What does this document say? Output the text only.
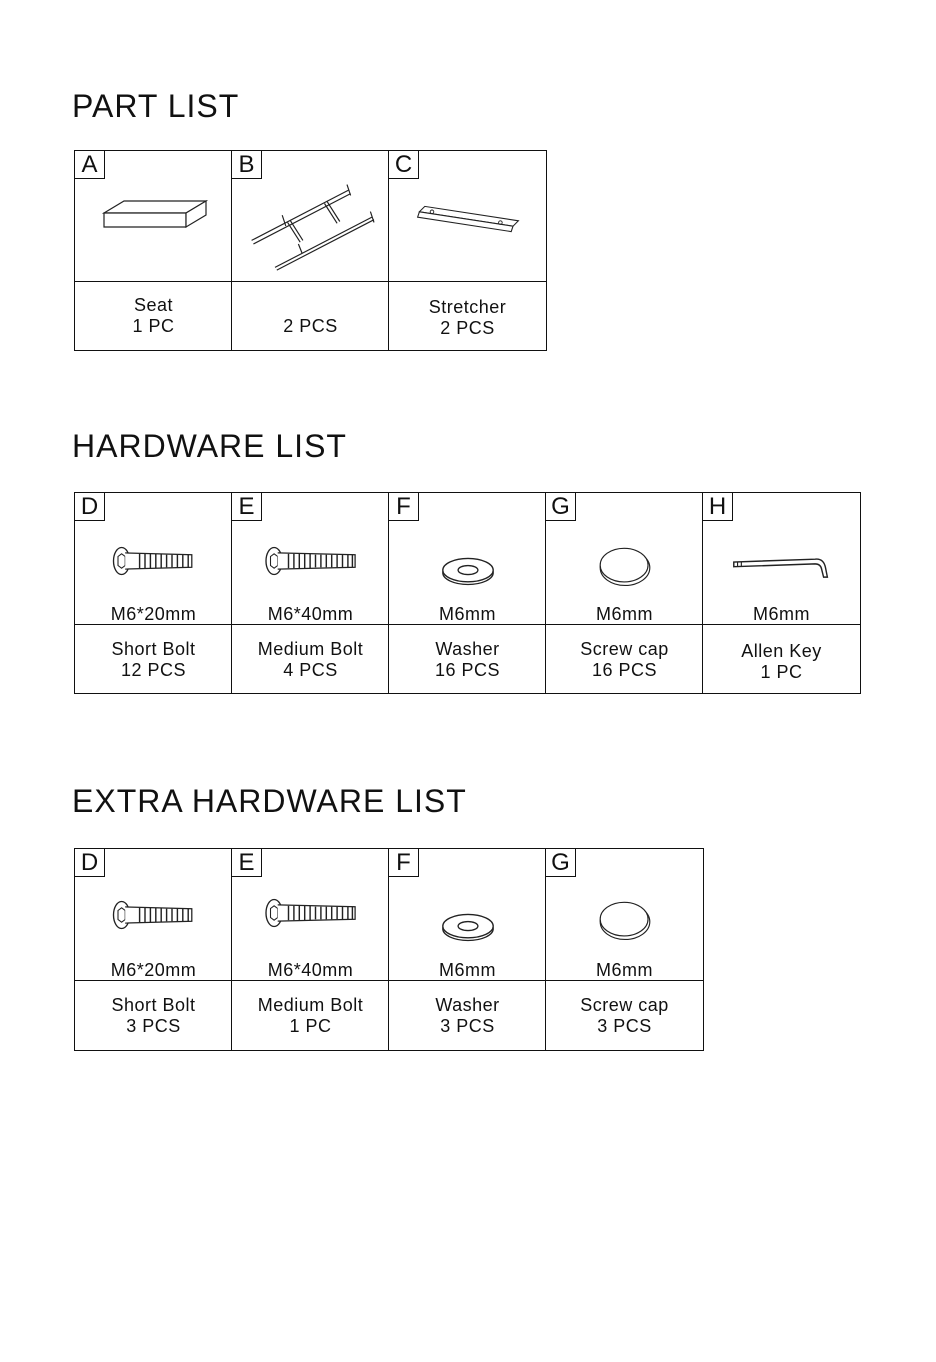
PART LIST
A
Seat
1 PC
B
2 PCS
C
Stretcher
2 PCS
HARDWARE LIST
D
M6*20mm
Short Bolt
12 PCS
E
M6*40mm
Medium Bolt
4 PCS
F
M6mm
Washer
16 PCS
G
M6mm
Screw cap
16 PCS
H
M6mm
Allen Key
1 PC
EXTRA HARDWARE LIST
D
M6*20mm
Short Bolt
3 PCS
E
M6*40mm
Medium Bolt
1 PC
F
M6mm
Washer
3 PCS
G
M6mm
Screw cap
3 PCS
